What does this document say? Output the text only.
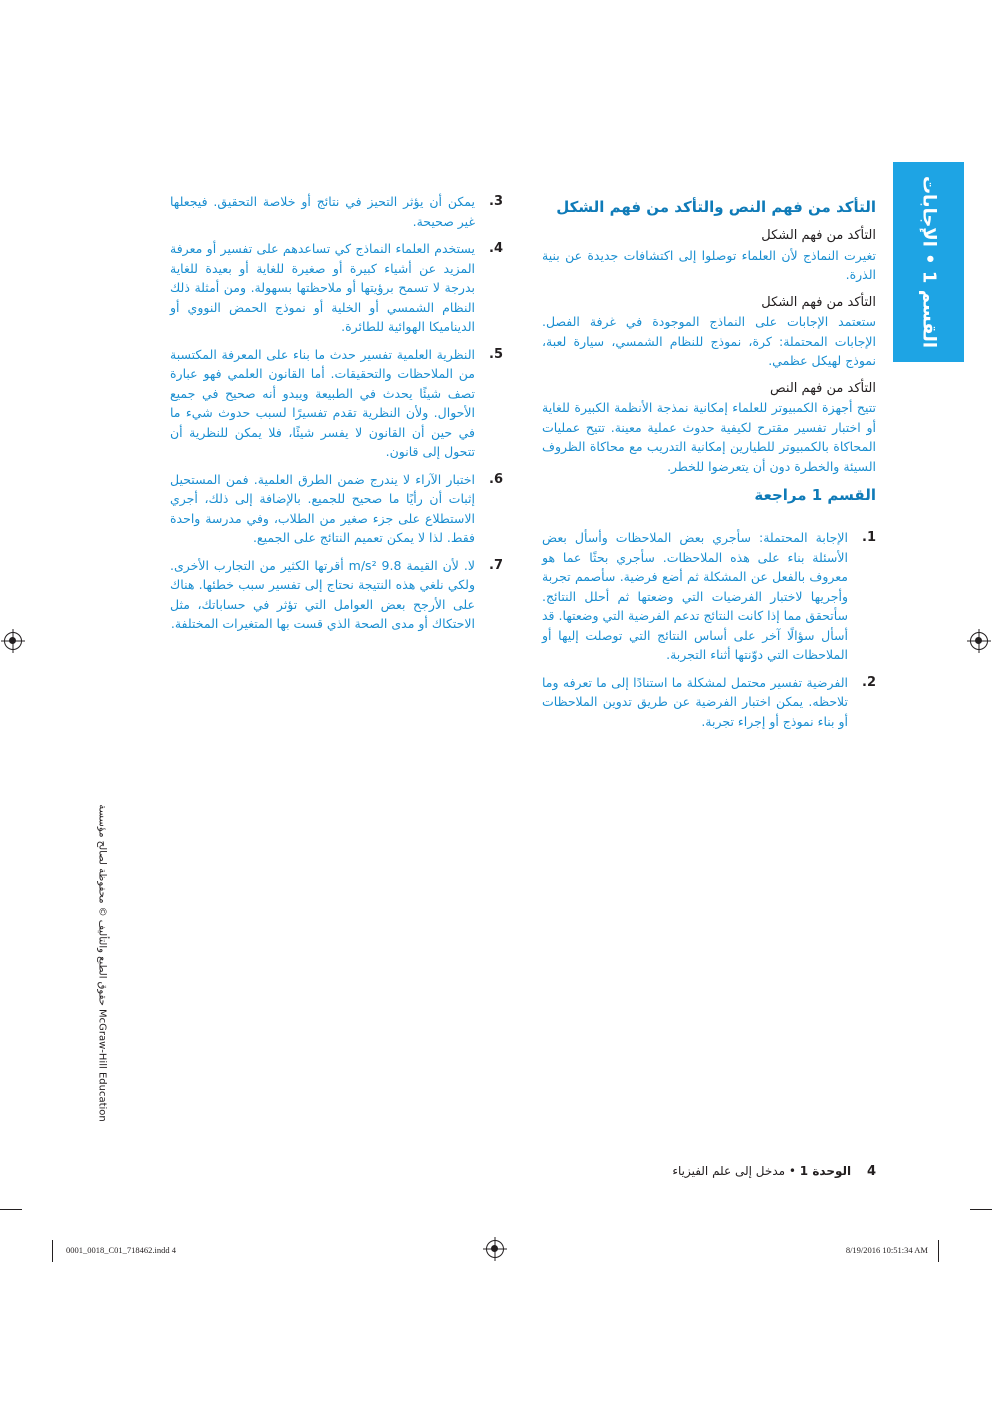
القسم 1 • الإجابات
التأكد من فهم النص والتأكد من فهم الشكل
التأكد من فهم الشكل

تغيرت النماذج لأن العلماء توصلوا إلى اكتشافات جديدة عن بنية الذرة.

التأكد من فهم الشكل

ستعتمد الإجابات على النماذج الموجودة في غرفة الفصل. الإجابات المحتملة: كرة، نموذج للنظام الشمسي، سيارة لعبة، نموذج لهيكل عظمي.

التأكد من فهم النص

تتيح أجهزة الكمبيوتر للعلماء إمكانية نمذجة الأنظمة الكبيرة للغاية أو اختبار تفسير مقترح لكيفية حدوث عملية معينة. تتيح عمليات المحاكاة بالكمبيوتر للطيارين إمكانية التدريب مع محاكاة الظروف السيئة والخطرة دون أن يتعرضوا للخطر.

القسم 1 مراجعة
1.
الإجابة المحتملة: سأجري بعض الملاحظات وأسأل بعض الأسئلة بناء على هذه الملاحظات. سأجري بحثًا عما هو معروف بالفعل عن المشكلة ثم أضع فرضية. سأصمم تجربة وأجريها لاختبار الفرضيات التي وضعتها ثم أحلل النتائج. سأتحقق مما إذا كانت النتائج تدعم الفرضية التي وضعتها. قد أسأل سؤالًا آخر على أساس النتائج التي توصلت إليها أو الملاحظات التي دوّنتها أثناء التجربة.
2.
الفرضية تفسير محتمل لمشكلة ما استنادًا إلى ما تعرفه وما تلاحظه. يمكن اختبار الفرضية عن طريق تدوين الملاحظات أو بناء نموذج أو إجراء تجربة.
3.
يمكن أن يؤثر التحيز في نتائج أو خلاصة التحقيق. فيجعلها غير صحيحة.
4.
يستخدم العلماء النماذج كي تساعدهم على تفسير أو معرفة المزيد عن أشياء كبيرة أو صغيرة للغاية أو بعيدة للغاية بدرجة لا تسمح برؤيتها أو ملاحظتها بسهولة. ومن أمثلة ذلك النظام الشمسي أو الخلية أو نموذج الحمض النووي أو الديناميكا الهوائية للطائرة.
5.
النظرية العلمية تفسير حدث ما بناء على المعرفة المكتسبة من الملاحظات والتحقيقات. أما القانون العلمي فهو عبارة تصف شيئًا يحدث في الطبيعة ويبدو أنه صحيح في جميع الأحوال. ولأن النظرية تقدم تفسيرًا لسبب حدوث شيء ما في حين أن القانون لا يفسر شيئًا، فلا يمكن للنظرية أن تتحول إلى قانون.
6.
اختبار الآراء لا يندرج ضمن الطرق العلمية. فمن المستحيل إثبات أن رأيًا ما صحيح للجميع. بالإضافة إلى ذلك، أجري الاستطلاع على جزء صغير من الطلاب، وفي مدرسة واحدة فقط. لذا لا يمكن تعميم النتائج على الجميع.
7.
لا. لأن القيمة 9.8 m/s² أقرتها الكثير من التجارب الأخرى. ولكي نلغي هذه النتيجة نحتاج إلى تفسير سبب خطئها. هناك على الأرجح بعض العوامل التي تؤثر في حساباتك، مثل الاحتكاك أو مدى الصحة الذي قست بها المتغيرات المختلفة.
حقوق الطبع والتأليف © محفوظة لصالح مؤسسة McGraw-Hill Education
4 الوحدة 1 • مدخل إلى علم الفيزياء
0001_0018_C01_718462.indd 4	8/19/2016 10:51:34 AM
